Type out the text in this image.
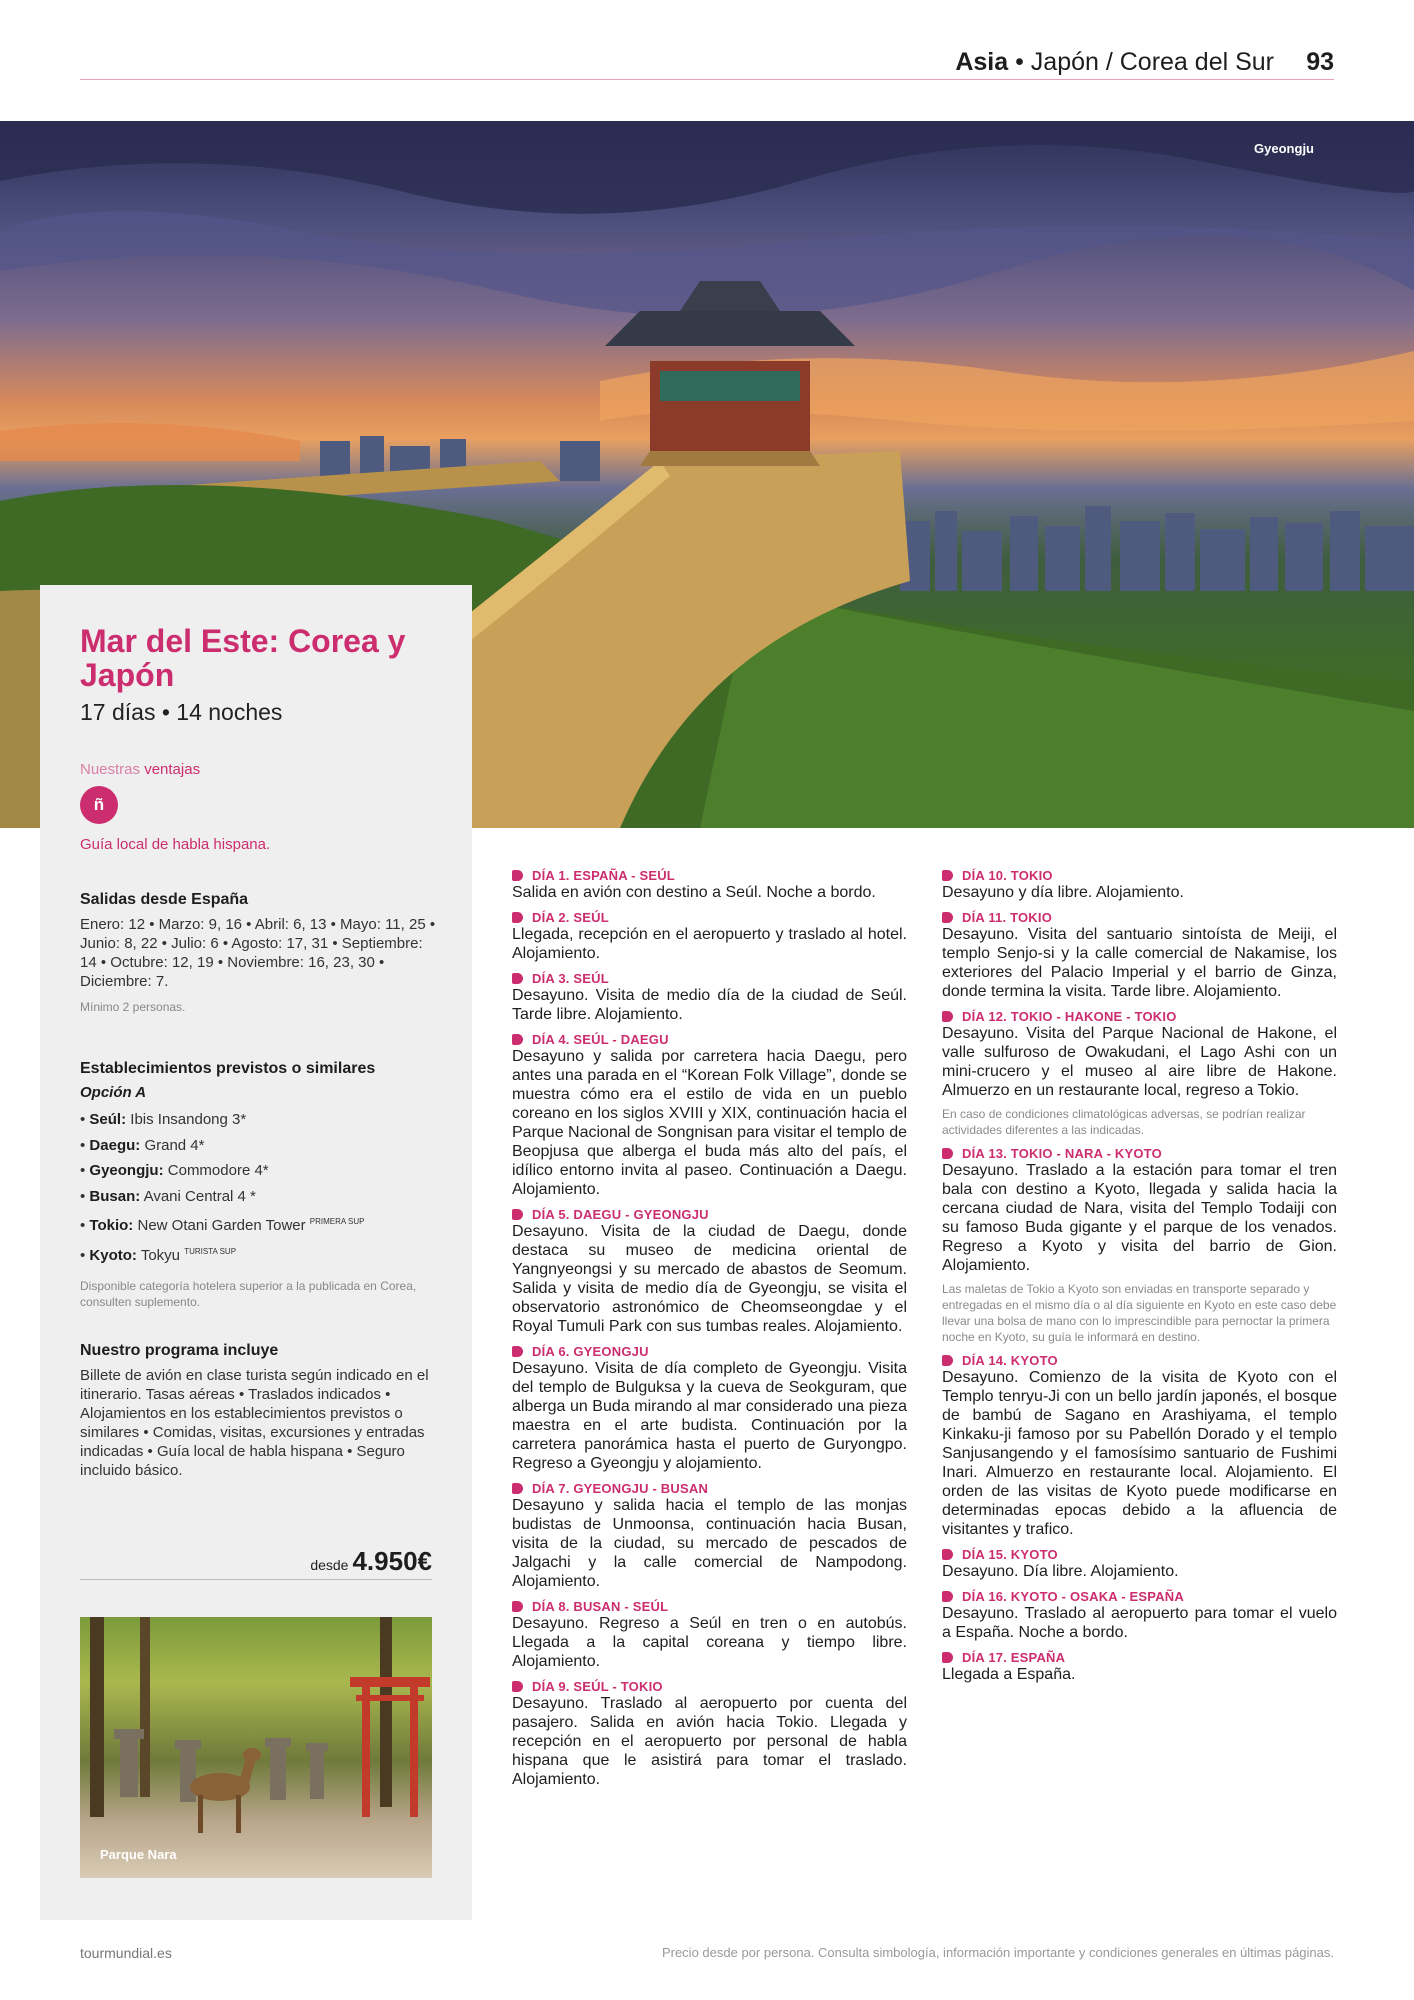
Asia • Japón / Corea del Sur 93
Gyeongju
Mar del Este: Corea y Japón
17 días • 14 noches
Nuestras ventajas
ñ
Guía local de habla hispana.
Salidas desde España
Enero: 12 • Marzo: 9, 16 • Abril: 6, 13 • Mayo: 11, 25 • Junio: 8, 22 • Julio: 6 • Agosto: 17, 31 • Septiembre: 14 • Octubre: 12, 19 • Noviembre: 16, 23, 30 • Diciembre: 7.
Mínimo 2 personas.
Establecimientos previstos o similares
Opción A
• Seúl: Ibis Insandong 3*
• Daegu: Grand 4*
• Gyeongju: Commodore 4*
• Busan: Avani Central 4 *
• Tokio: New Otani Garden Tower $^{PRIMERA SUP}$
• Kyoto: Tokyu $^{TURISTA SUP}$
Disponible categoría hotelera superior a la publicada en Corea, consulten suplemento.
Nuestro programa incluye
Billete de avión en clase turista según indicado en el itinerario. Tasas aéreas • Traslados indicados • Alojamientos en los establecimientos previstos o similares • Comidas, visitas, excursiones y entradas indicadas • Guía local de habla hispana • Seguro incluido básico.
desde 4.950€
Parque Nara
DÍA 1. ESPAÑA - SEÚL
Salida en avión con destino a Seúl. Noche a bordo.
DÍA 2. SEÚL
Llegada, recepción en el aeropuerto y traslado al hotel. Alojamiento.
DÍA 3. SEÚL
Desayuno. Visita de medio día de la ciudad de Seúl. Tarde libre. Alojamiento.
DÍA 4. SEÚL - DAEGU
Desayuno y salida por carretera hacia Daegu, pero antes una parada en el “Korean Folk Village”, donde se muestra cómo era el estilo de vida en un pueblo coreano en los siglos XVIII y XIX, continuación hacia el Parque Nacional de Songnisan para visitar el templo de Beopjusa que alberga el buda más alto del país, el idílico entorno invita al paseo. Continuación a Daegu. Alojamiento.
DÍA 5. DAEGU - GYEONGJU
Desayuno. Visita de la ciudad de Daegu, donde destaca su museo de medicina oriental de Yangnyeongsi y su mercado de abastos de Seomum. Salida y visita de medio día de Gyeongju, se visita el observatorio astronómico de Cheomseongdae y el Royal Tumuli Park con sus tumbas reales. Alojamiento.
DÍA 6. GYEONGJU
Desayuno. Visita de día completo de Gyeongju. Visita del templo de Bulguksa y la cueva de Seokguram, que alberga un Buda mirando al mar considerado una pieza maestra en el arte budista. Continuación por la carretera panorámica hasta el puerto de Guryongpo. Regreso a Gyeongju y alojamiento.
DÍA 7. GYEONGJU - BUSAN
Desayuno y salida hacia el templo de las monjas budistas de Unmoonsa, continuación hacia Busan, visita de la ciudad, su mercado de pescados de Jalgachi y la calle comercial de Nampodong. Alojamiento.
DÍA 8. BUSAN - SEÚL
Desayuno. Regreso a Seúl en tren o en autobús. Llegada a la capital coreana y tiempo libre. Alojamiento.
DÍA 9. SEÚL - TOKIO
Desayuno. Traslado al aeropuerto por cuenta del pasajero. Salida en avión hacia Tokio. Llegada y recepción en el aeropuerto por personal de habla hispana que le asistirá para tomar el traslado. Alojamiento.
DÍA 10. TOKIO
Desayuno y día libre. Alojamiento.
DÍA 11. TOKIO
Desayuno. Visita del santuario sintoísta de Meiji, el templo Senjo-si y la calle comercial de Nakamise, los exteriores del Palacio Imperial y el barrio de Ginza, donde termina la visita. Tarde libre. Alojamiento.
DÍA 12. TOKIO - HAKONE - TOKIO
Desayuno. Visita del Parque Nacional de Hakone, el valle sulfuroso de Owakudani, el Lago Ashi con un mini-crucero y el museo al aire libre de Hakone. Almuerzo en un restaurante local, regreso a Tokio.
En caso de condiciones climatológicas adversas, se podrían realizar actividades diferentes a las indicadas.
DÍA 13. TOKIO - NARA - KYOTO
Desayuno. Traslado a la estación para tomar el tren bala con destino a Kyoto, llegada y salida hacia la cercana ciudad de Nara, visita del Templo Todaiji con su famoso Buda gigante y el parque de los venados. Regreso a Kyoto y visita del barrio de Gion. Alojamiento.
Las maletas de Tokio a Kyoto son enviadas en transporte separado y entregadas en el mismo día o al día siguiente en Kyoto en este caso debe llevar una bolsa de mano con lo imprescindible para pernoctar la primera noche en Kyoto, su guía le informará en destino.
DÍA 14. KYOTO
Desayuno. Comienzo de la visita de Kyoto con el Templo tenryu-Ji con un bello jardín japonés, el bosque de bambú de Sagano en Arashiyama, el templo Kinkaku-ji famoso por su Pabellón Dorado y el templo Sanjusangendo y el famosísimo santuario de Fushimi Inari. Almuerzo en restaurante local. Alojamiento. El orden de las visitas de Kyoto puede modificarse en determinadas epocas debido a la afluencia de visitantes y trafico.
DÍA 15. KYOTO
Desayuno. Día libre. Alojamiento.
DÍA 16. KYOTO - OSAKA - ESPAÑA
Desayuno. Traslado al aeropuerto para tomar el vuelo a España. Noche a bordo.
DÍA 17. ESPAÑA
Llegada a España.
tourmundial.es	Precio desde por persona. Consulta simbología, información importante y condiciones generales en últimas páginas.
